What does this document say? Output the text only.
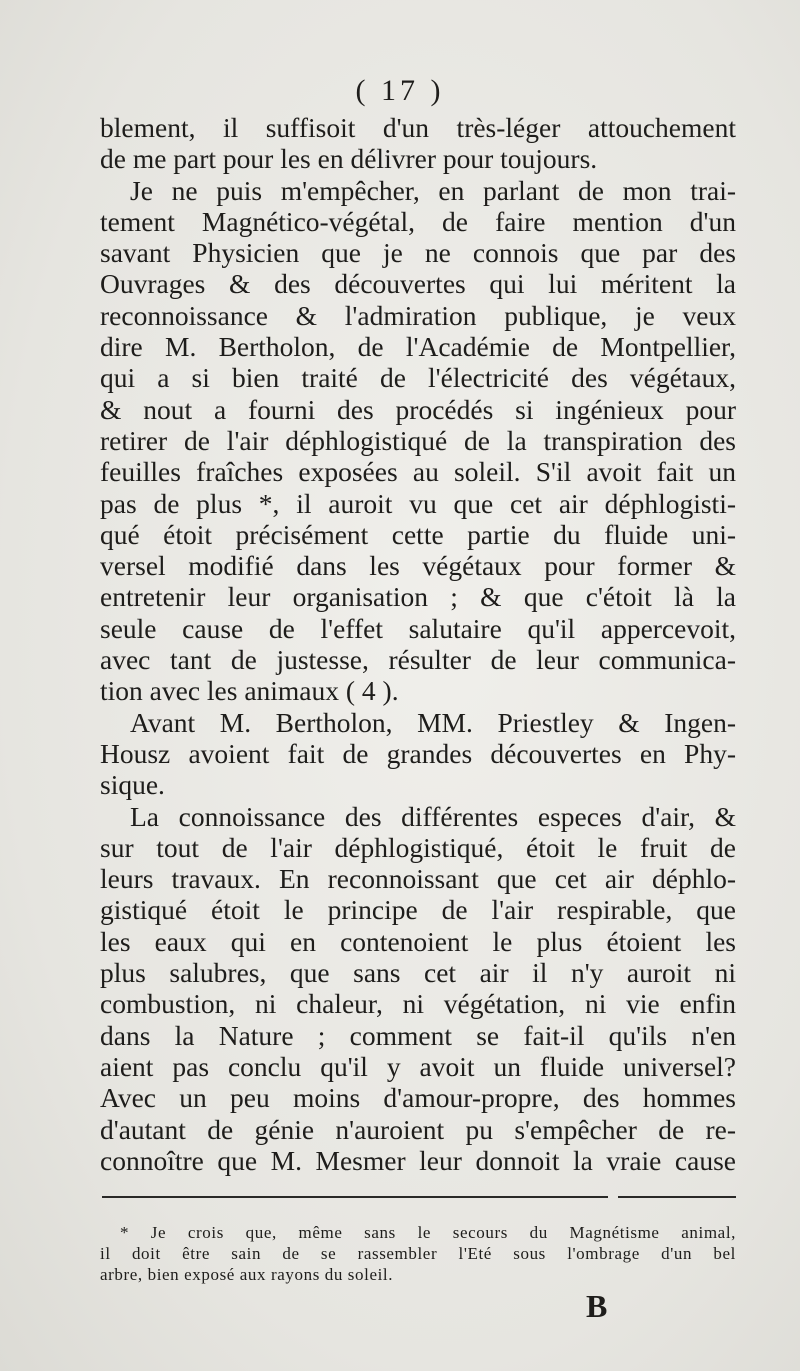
( 17 )
blement, il suffisoit d'un très-léger attouchement
de me part pour les en délivrer pour toujours.
Je ne puis m'empêcher, en parlant de mon trai-
tement Magnético-végétal, de faire mention d'un
savant Physicien que je ne connois que par des
Ouvrages & des découvertes qui lui méritent la
reconnoissance & l'admiration publique, je veux
dire M. Bertholon, de l'Académie de Montpellier,
qui a si bien traité de l'électricité des végétaux,
& nout a fourni des procédés si ingénieux pour
retirer de l'air déphlogistiqué de la transpiration des
feuilles fraîches exposées au soleil. S'il avoit fait un
pas de plus *, il auroit vu que cet air déphlogisti-
qué étoit précisément cette partie du fluide uni-
versel modifié dans les végétaux pour former &
entretenir leur organisation ; & que c'étoit là la
seule cause de l'effet salutaire qu'il appercevoit,
avec tant de justesse, résulter de leur communica-
tion avec les animaux ( 4 ).
Avant M. Bertholon, MM. Priestley & Ingen-
Housz avoient fait de grandes découvertes en Phy-
sique.
La connoissance des différentes especes d'air, &
sur tout de l'air déphlogistiqué, étoit le fruit de
leurs travaux. En reconnoissant que cet air déphlo-
gistiqué étoit le principe de l'air respirable, que
les eaux qui en contenoient le plus étoient les
plus salubres, que sans cet air il n'y auroit ni
combustion, ni chaleur, ni végétation, ni vie enfin
dans la Nature ; comment se fait-il qu'ils n'en
aient pas conclu qu'il y avoit un fluide universel?
Avec un peu moins d'amour-propre, des hommes
d'autant de génie n'auroient pu s'empêcher de re-
connoître que M. Mesmer leur donnoit la vraie cause
* Je crois que, même sans le secours du Magnétisme animal,
il doit être sain de se rassembler l'Eté sous l'ombrage d'un bel
arbre, bien exposé aux rayons du soleil.
B
